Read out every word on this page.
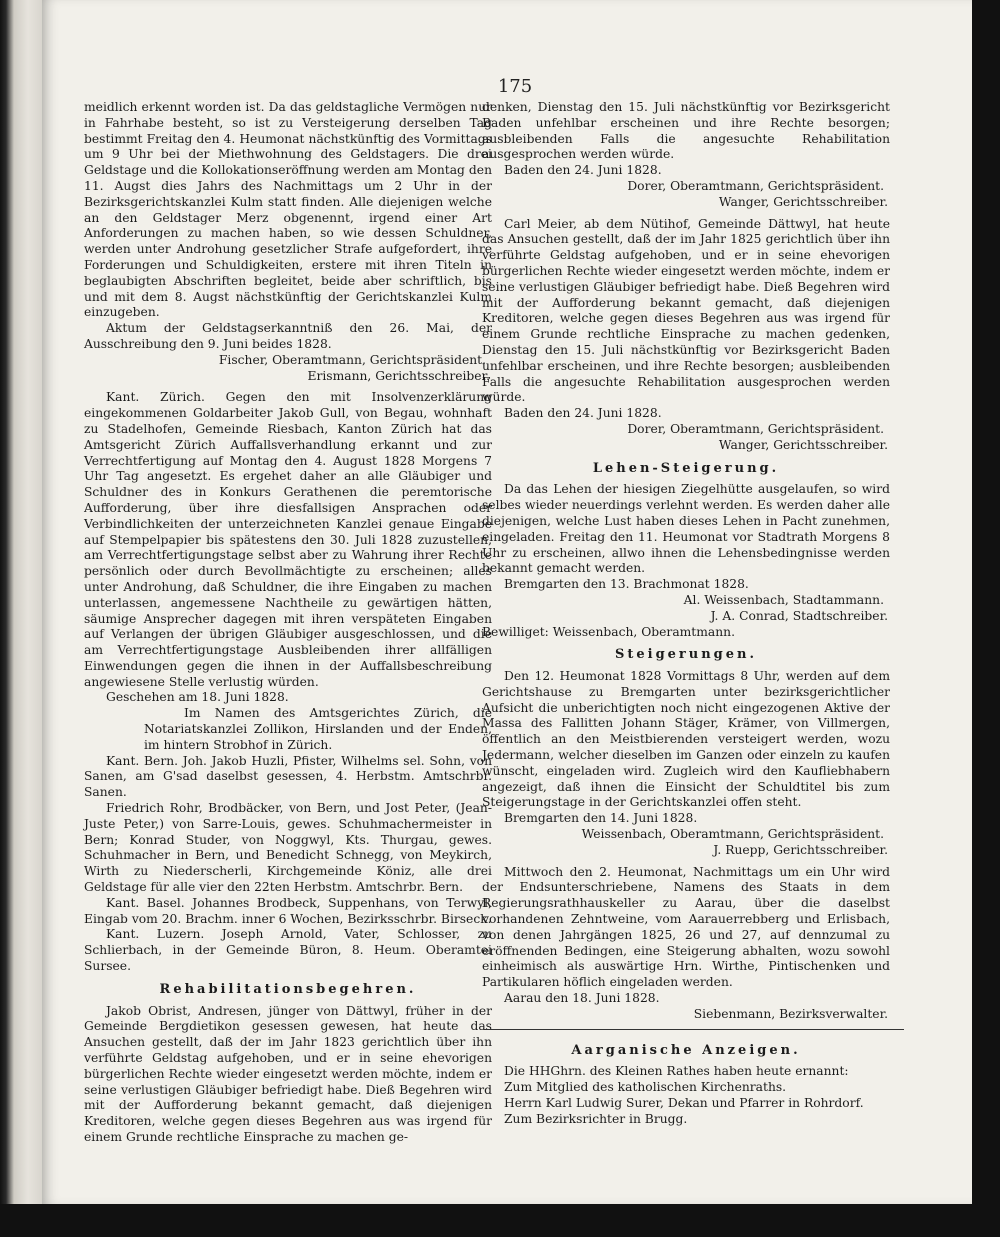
175

meidlich erkennt worden ist. Da das geldstagliche Vermögen nur in Fahrhabe besteht, so ist zu Versteigerung derselben Tag bestimmt Freitag den 4. Heumonat nächstkünftig des Vormittags um 9 Uhr bei der Miethwohnung des Geldstagers. Die drei Geldstage und die Kollokationseröffnung werden am Montag den 11. Augst dies Jahrs des Nachmittags um 2 Uhr in der Bezirksgerichtskanzlei Kulm statt finden. Alle diejenigen welche an den Geldstager Merz obgenennt, irgend einer Art Anforderungen zu machen haben, so wie dessen Schuldner, werden unter Androhung gesetzlicher Strafe aufgefordert, ihre Forderungen und Schuldigkeiten, erstere mit ihren Titeln in beglaubigten Abschriften begleitet, beide aber schriftlich, bis und mit dem 8. Augst nächstkünftig der Gerichtskanzlei Kulm einzugeben.

Aktum der Geldstagserkanntniß den 26. Mai, der Ausschreibung den 9. Juni beides 1828.

Fischer, Oberamtmann, Gerichtspräsident.

Erismann, Gerichtsschreiber.

Kant. Zürich. Gegen den mit Insolvenzerklärung eingekommenen Goldarbeiter Jakob Gull, von Begau, wohnhaft zu Stadelhofen, Gemeinde Riesbach, Kanton Zürich hat das Amtsgericht Zürich Auffallsverhandlung erkannt und zur Verrechtfertigung auf Montag den 4. August 1828 Morgens 7 Uhr Tag angesetzt. Es ergehet daher an alle Gläubiger und Schuldner des in Konkurs Gerathenen die peremtorische Aufforderung, über ihre diesfallsigen Ansprachen oder Verbindlichkeiten der unterzeichneten Kanzlei genaue Eingabe auf Stempelpapier bis spätestens den 30. Juli 1828 zuzustellen, am Verrechtfertigungstage selbst aber zu Wahrung ihrer Rechte persönlich oder durch Bevollmächtigte zu erscheinen; alles unter Androhung, daß Schuldner, die ihre Eingaben zu machen unterlassen, angemessene Nachtheile zu gewärtigen hätten, säumige Ansprecher dagegen mit ihren verspäteten Eingaben auf Verlangen der übrigen Gläubiger ausgeschlossen, und die am Verrechtfertigungstage Ausbleibenden ihrer allfälligen Einwendungen gegen die ihnen in der Auffallsbeschreibung angewiesene Stelle verlustig würden.

Geschehen am 18. Juni 1828.

Im Namen des Amtsgerichtes Zürich, die Notariatskanzlei Zollikon, Hirslanden und der Enden, im hintern Strobhof in Zürich.

Kant. Bern. Joh. Jakob Huzli, Pfister, Wilhelms sel. Sohn, von Sanen, am G'sad daselbst gesessen, 4. Herbstm. Amtschrbr. Sanen.

Friedrich Rohr, Brodbäcker, von Bern, und Jost Peter, (Jean-Juste Peter,) von Sarre-Louis, gewes. Schuhmachermeister in Bern; Konrad Studer, von Noggwyl, Kts. Thurgau, gewes. Schuhmacher in Bern, und Benedicht Schnegg, von Meykirch, Wirth zu Niederscherli, Kirchgemeinde Köniz, alle drei Geldstage für alle vier den 22ten Herbstm. Amtschrbr. Bern.

Kant. Basel. Johannes Brodbeck, Suppenhans, von Terwyl, Eingab vom 20. Brachm. inner 6 Wochen, Bezirksschrbr. Birseck.

Kant. Luzern. Joseph Arnold, Vater, Schlosser, zu Schlierbach, in der Gemeinde Büron, 8. Heum. Oberamtei Sursee.

Rehabilitationsbegehren.

Jakob Obrist, Andresen, jünger von Dättwyl, früher in der Gemeinde Bergdietikon gesessen gewesen, hat heute das Ansuchen gestellt, daß der im Jahr 1823 gerichtlich über ihn verführte Geldstag aufgehoben, und er in seine ehevorigen bürgerlichen Rechte wieder eingesetzt werden möchte, indem er seine verlustigen Gläubiger befriedigt habe. Dieß Begehren wird mit der Aufforderung bekannt gemacht, daß diejenigen Kreditoren, welche gegen dieses Begehren aus was irgend für einem Grunde rechtliche Einsprache zu machen ge-

denken, Dienstag den 15. Juli nächstkünftig vor Bezirksgericht Baden unfehlbar erscheinen und ihre Rechte besorgen; ausbleibenden Falls die angesuchte Rehabilitation ausgesprochen werden würde.

Baden den 24. Juni 1828.

Dorer, Oberamtmann, Gerichtspräsident.

Wanger, Gerichtsschreiber.

Carl Meier, ab dem Nütihof, Gemeinde Dättwyl, hat heute das Ansuchen gestellt, daß der im Jahr 1825 gerichtlich über ihn verführte Geldstag aufgehoben, und er in seine ehevorigen bürgerlichen Rechte wieder eingesetzt werden möchte, indem er seine verlustigen Gläubiger befriedigt habe. Dieß Begehren wird mit der Aufforderung bekannt gemacht, daß diejenigen Kreditoren, welche gegen dieses Begehren aus was irgend für einem Grunde rechtliche Einsprache zu machen gedenken, Dienstag den 15. Juli nächstkünftig vor Bezirksgericht Baden unfehlbar erscheinen, und ihre Rechte besorgen; ausbleibenden Falls die angesuchte Rehabilitation ausgesprochen werden würde.

Baden den 24. Juni 1828.

Dorer, Oberamtmann, Gerichtspräsident.

Wanger, Gerichtsschreiber.

Lehen-Steigerung.

Da das Lehen der hiesigen Ziegelhütte ausgelaufen, so wird selbes wieder neuerdings verlehnt werden. Es werden daher alle diejenigen, welche Lust haben dieses Lehen in Pacht zunehmen, eingeladen. Freitag den 11. Heumonat vor Stadtrath Morgens 8 Uhr zu erscheinen, allwo ihnen die Lehensbedingnisse werden bekannt gemacht werden.

Bremgarten den 13. Brachmonat 1828.

Al. Weissenbach, Stadtammann.

J. A. Conrad, Stadtschreiber.

Bewilliget: Weissenbach, Oberamtmann.

Steigerungen.

Den 12. Heumonat 1828 Vormittags 8 Uhr, werden auf dem Gerichtshause zu Bremgarten unter bezirksgerichtlicher Aufsicht die unberichtigten noch nicht eingezogenen Aktive der Massa des Fallitten Johann Stäger, Krämer, von Villmergen, öffentlich an den Meistbierenden versteigert werden, wozu Jedermann, welcher dieselben im Ganzen oder einzeln zu kaufen wünscht, eingeladen wird. Zugleich wird den Kaufliebhabern angezeigt, daß ihnen die Einsicht der Schuldtitel bis zum Steigerungstage in der Gerichtskanzlei offen steht.

Bremgarten den 14. Juni 1828.

Weissenbach, Oberamtmann, Gerichtspräsident.

J. Ruepp, Gerichtsschreiber.

Mittwoch den 2. Heumonat, Nachmittags um ein Uhr wird der Endsunterschriebene, Namens des Staats in dem Regierungsrathhauskeller zu Aarau, über die daselbst vorhandenen Zehntweine, vom Aarauerrebberg und Erlisbach, von denen Jahrgängen 1825, 26 und 27, auf dennzumal zu eröffnenden Bedingen, eine Steigerung abhalten, wozu sowohl einheimisch als auswärtige Hrn. Wirthe, Pintischenken und Partikularen höflich eingeladen werden.

Aarau den 18. Juni 1828.

Siebenmann, Bezirksverwalter.

Aarganische Anzeigen.

Die HHGhrn. des Kleinen Rathes haben heute ernannt:

Zum Mitglied des katholischen Kirchenraths.

Herrn Karl Ludwig Surer, Dekan und Pfarrer in Rohrdorf.

Zum Bezirksrichter in Brugg.
